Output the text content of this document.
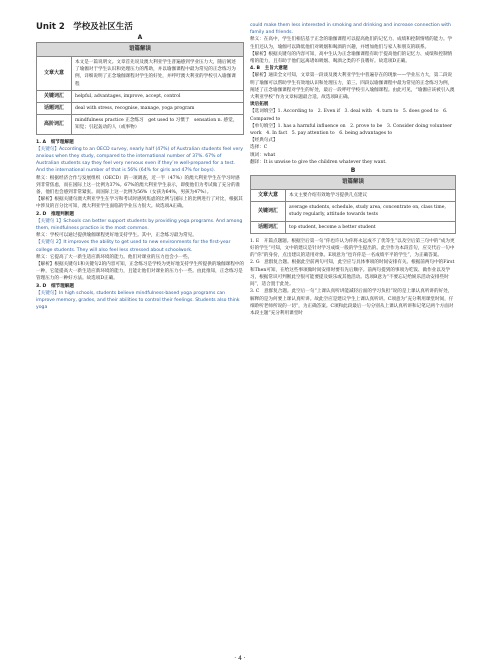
Unit 2　学校及社区生活
A
语篇解读	
文章大意	本文是一篇说明文。文章首先说及澳大利亚学生普遍感到学业压力大，随后阐述了瑜伽对于学生认识和处理压力的帮助，并以瑜伽课程中最为常见的正念练习为例，详细说明了正念瑜伽课程对学生的好处，并呼吁澳大利亚的学校引入瑜伽课程
关键词汇	helpful, advantages, improve, accept, control
话题词汇	deal with stress, recognise, manage, yoga program
高阶词汇	mindfulness practice 正念练习　get used to 习惯于　sensation n. 感觉，知觉；引起轰动的人（或事物）

1. A　细节理解题

【关键句】According to an OECD survey, nearly half (47%) of Australian students feel very anxious when they study, compared to the international number of 37%. 67% of Australian students say they feel very nervous even if they’re well-prepared for a test. And the international number of that is 56% (64% for girls and 47% for boys).

释义：根据经济合作与发展组织（OECD）的一项调查，近一半（47%）的澳大利亚学生在学习时感到非常焦虑，而在国际上这一比例为37%。67%的澳大利亚学生表示，即使他们为考试做了充分的准备，他们也会感到非常紧张。而国际上这一比例为56%（女孩为64%，男孩为47%）。

【解析】根据关键句澳大利亚学生在学习和考试时感到焦虑的比例与国际上的比例进行了对比，根据其中涉及的百分比可知，澳大利亚学生面临的学业压力很大。故选项A正确。

2. D　推理判断题

【关键句 1】Schools can better support students by providing yoga programs. And among them, mindfulness practice is the most common.

释义：学校可以通过提供瑜伽课程更好地支持学生。其中，正念练习最为常见。

【关键句 2】It improves the ability to get used to new environments for the first-year college students. They will also feel less stressed about schoolwork.

释义：它提高了大一新生适应新环境的能力。他们对课业的压力也会小一些。

【解析】根据关键句1和关键句2的内容可知，正念练习是学校为更好地支持学生所提供的瑜伽课程中的一种，它能提高大一新生适应新环境的能力，且能让他们对课业的压力小一些。由此推知，正念练习是管理压力的一种好方法。故选项D正确。

3. D　细节理解题

【关键句】In high schools, students believe mindfulness-based yoga programs can improve memory, grades, and their abilities to control their feelings. Students also think yoga

could make them less interested in smoking and drinking and increase connection with family and friends.

释义：在高中，学生们相信基于正念的瑜伽课程可以提高他们的记忆力、成绩和控制情绪的能力。学生们还认为，瑜伽可以降低他们对吸烟和喝酒的兴趣，并增加他们与家人和朋友的联系。

【解析】根据关键句的内容可知，高中生认为正念瑜伽课程有助于提高他们的记忆力、成绩和控制情绪的能力，且有助于他们远离诸如吸烟、喝酒之类的不良嗜好。故选项D正确。

4. B　主旨大意题

【解析】通读全文可知，文章第一段谈及澳大利亚学生中普遍存在的现象——学业压力大，第二段说明了瑜伽可以帮助学生有效地认识和处理压力，第三、四段以瑜伽课程中最为常见的正念练习为例，阐述了正念瑜伽课程对学生的好处，最后一段呼吁学校引入瑜伽课程。由此可见，“瑜伽应该被引入澳大利亚学校”作为文章标题最合适。故选项B正确。

读后拓展

【选词填空】1. According to　2. Even if　3. deal with　4. turn to　5. does good to　6. Compared to

【单句填空】1. has a harmful influence on　2. prove to be　3. Consider doing volunteer work　4. In fact　5. pay attention to　6. being advantages to

【经典句式】

选择：C

填词：what

翻译：It is unwise to give the children whatever they want.

B
语篇解读	
文章大意	本文主要介绍有效地学习提供几点建议
关键词汇	average students, schedule, study area, concentrate on, class time, study regularly, attitude towards tests
话题词汇	top student, become a better student

1. E　开篇点题题。根据空后第一句“你也许认为你将永远成不了优等生”以及空后第三句中的“成为更好的学生”可知，文中的建议是针对学习成绩一般的学生提出的。此空作为本段首句，应交代后一句中的“你”的身份，点出建议的适用对象。E项意为“也许你是一名成绩平平的学生”，为正确答案。

2. G　意群复合题。根据此空前两句可知，此空应与具体事项的时间安排有关。根据前两句中的First和Then可知，在给这些事项做时间安排时要有先后顺序。前两句提到的事项为吃饭、做作业以及学习，根据常识可判断此空很可能要提及娱乐或其他活动。选项B意为“不要忘记给娱乐活动安排些时间”，适合置于此处。

3. C　意群复合题。此空后一句“上课认真听讲能减轻后面的学习负担”说的是上课认真听讲的好处，解释的是为何要上课认真听讲。故此空应是建议学生上课认真听讲。C项意为“充分利用课堂时间，仔细聆听老师所说的一切”，为正确答案。C项和此段最后一句分别从上课认真听讲和记笔记两个方面对本段主题“充分利用课堂时

· 4 ·
